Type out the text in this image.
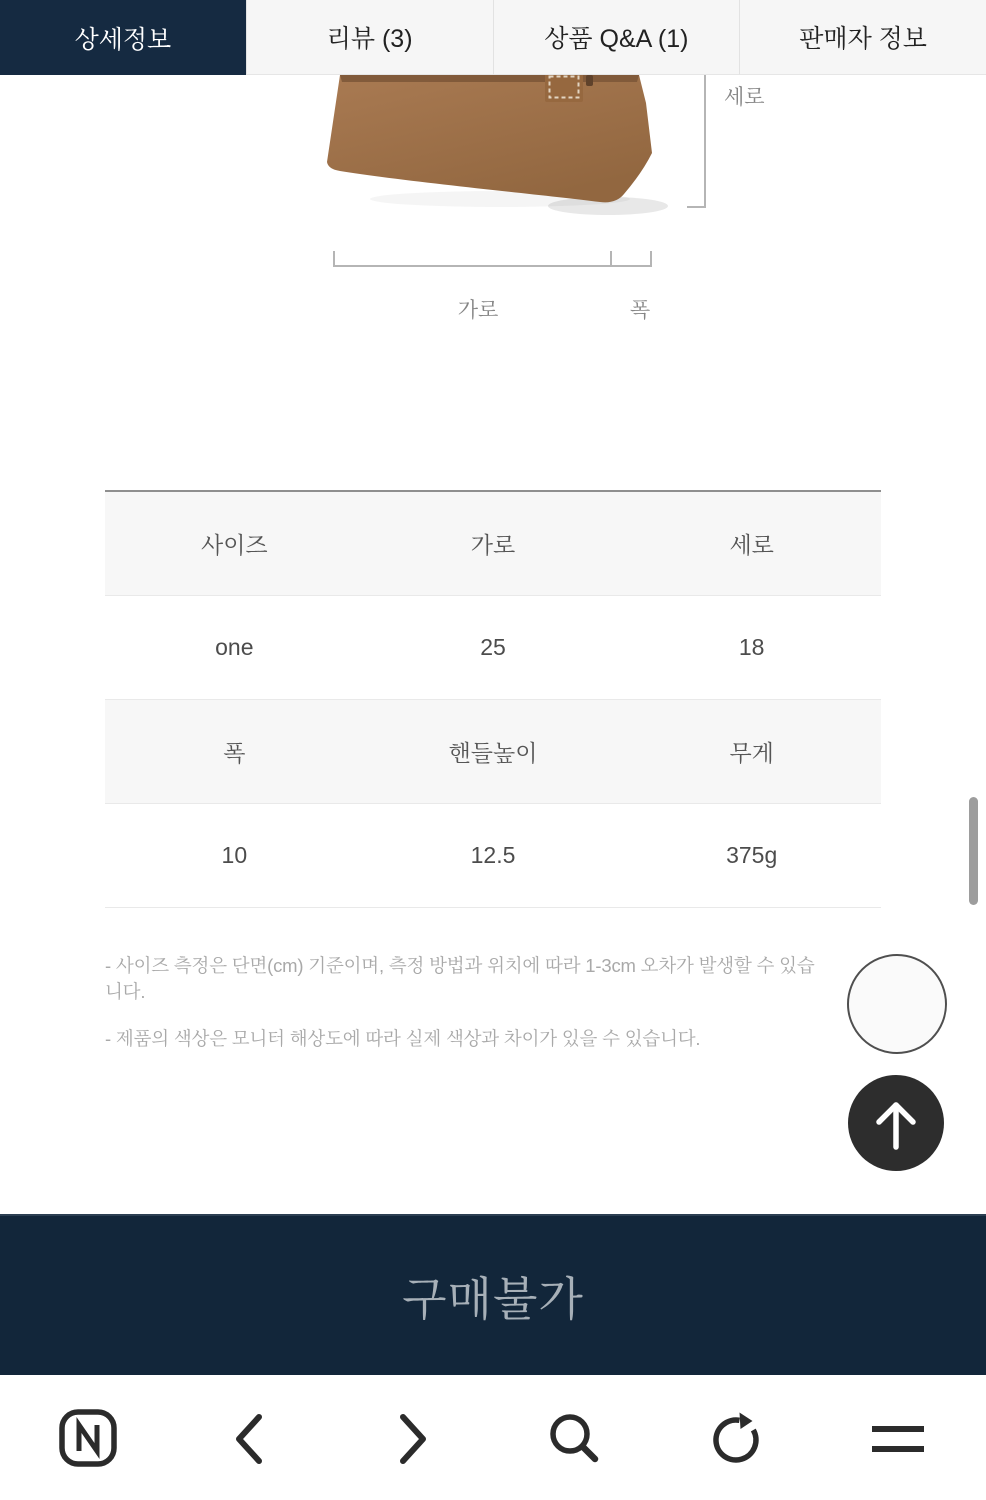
상세정보	리뷰 (3)	상품 Q&A (1)	판매자 정보
세로
가로	폭
사이즈	가로	세로
one	25	18
폭	핸들높이	무게
10	12.5	375g

- 사이즈 측정은 단면(cm) 기준이며, 측정 방법과 위치에 따라 1-3cm 오차가 발생할 수 있습니다.

- 제품의 색상은 모니터 해상도에 따라 실제 색상과 차이가 있을 수 있습니다.

구매불가
